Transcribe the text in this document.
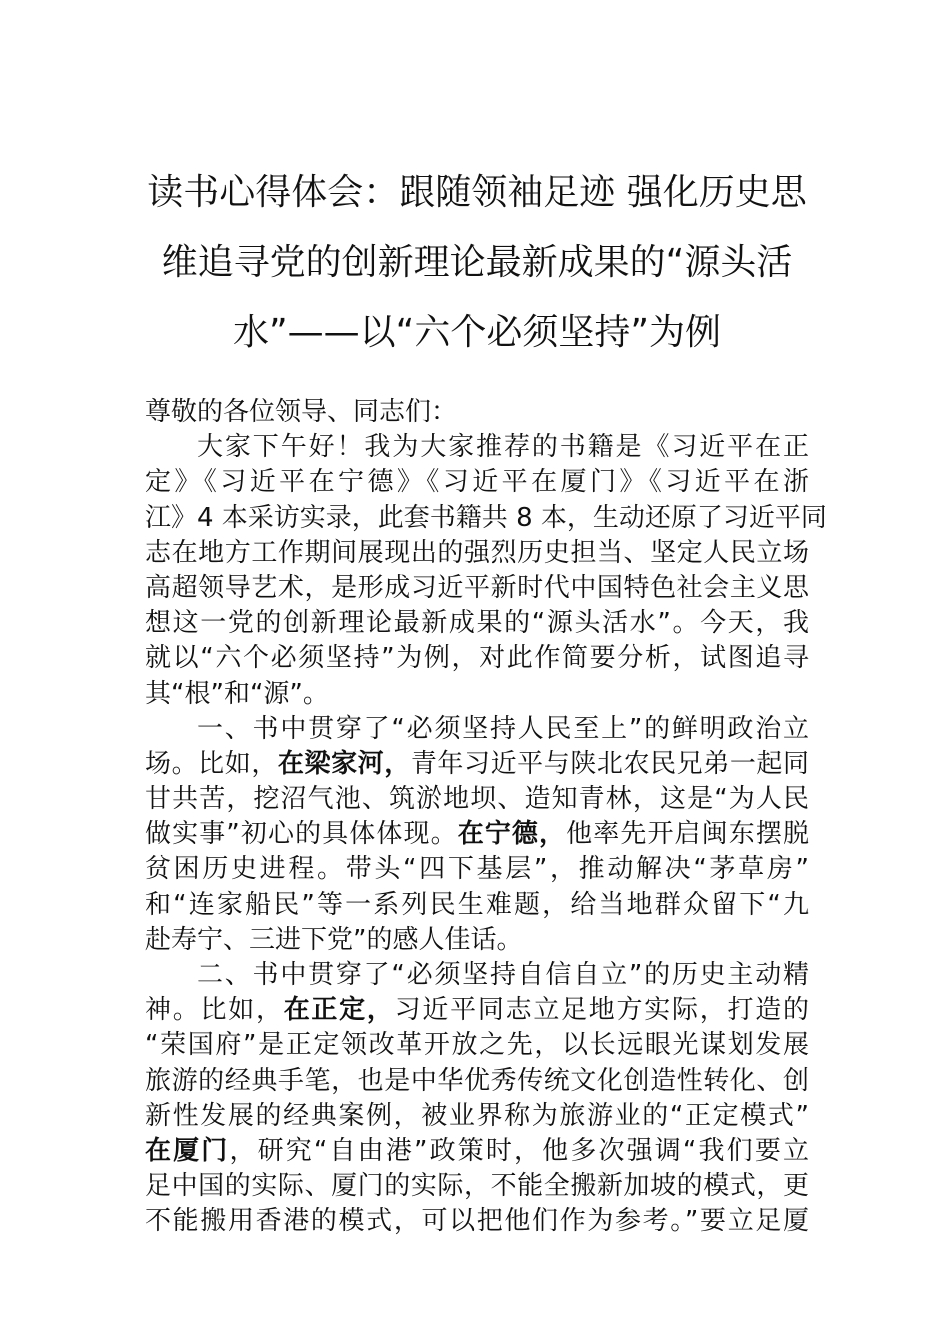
读书心得体会：跟随领袖足迹 强化历史思
维追寻党的创新理论最新成果的“源头活
水”——以“六个必须坚持”为例
尊敬的各位领导、同志们：
大家下午好！我为大家推荐的书籍是《习近平在正
定》《习近平在宁德》《习近平在厦门》《习近平在浙
江》4 本采访实录，此套书籍共 8 本，生动还原了习近平同
志在地方工作期间展现出的强烈历史担当、坚定人民立场
高超领导艺术，是形成习近平新时代中国特色社会主义思
想这一党的创新理论最新成果的“源头活水”。今天，我
就以“六个必须坚持”为例，对此作简要分析，试图追寻
其“根”和“源”。
一、书中贯穿了“必须坚持人民至上”的鲜明政治立
场。比如，在梁家河，青年习近平与陕北农民兄弟一起同
甘共苦，挖沼气池、筑淤地坝、造知青林，这是“为人民
做实事”初心的具体体现。在宁德，他率先开启闽东摆脱
贫困历史进程。带头“四下基层”，推动解决“茅草房”
和“连家船民”等一系列民生难题，给当地群众留下“九
赴寿宁、三进下党”的感人佳话。
二、书中贯穿了“必须坚持自信自立”的历史主动精
神。比如，在正定，习近平同志立足地方实际，打造的
“荣国府”是正定领改革开放之先，以长远眼光谋划发展
旅游的经典手笔，也是中华优秀传统文化创造性转化、创
新性发展的经典案例，被业界称为旅游业的“正定模式”
在厦门，研究“自由港”政策时，他多次强调“我们要立
足中国的实际、厦门的实际，不能全搬新加坡的模式，更
不能搬用香港的模式，可以把他们作为参考。”要立足厦
